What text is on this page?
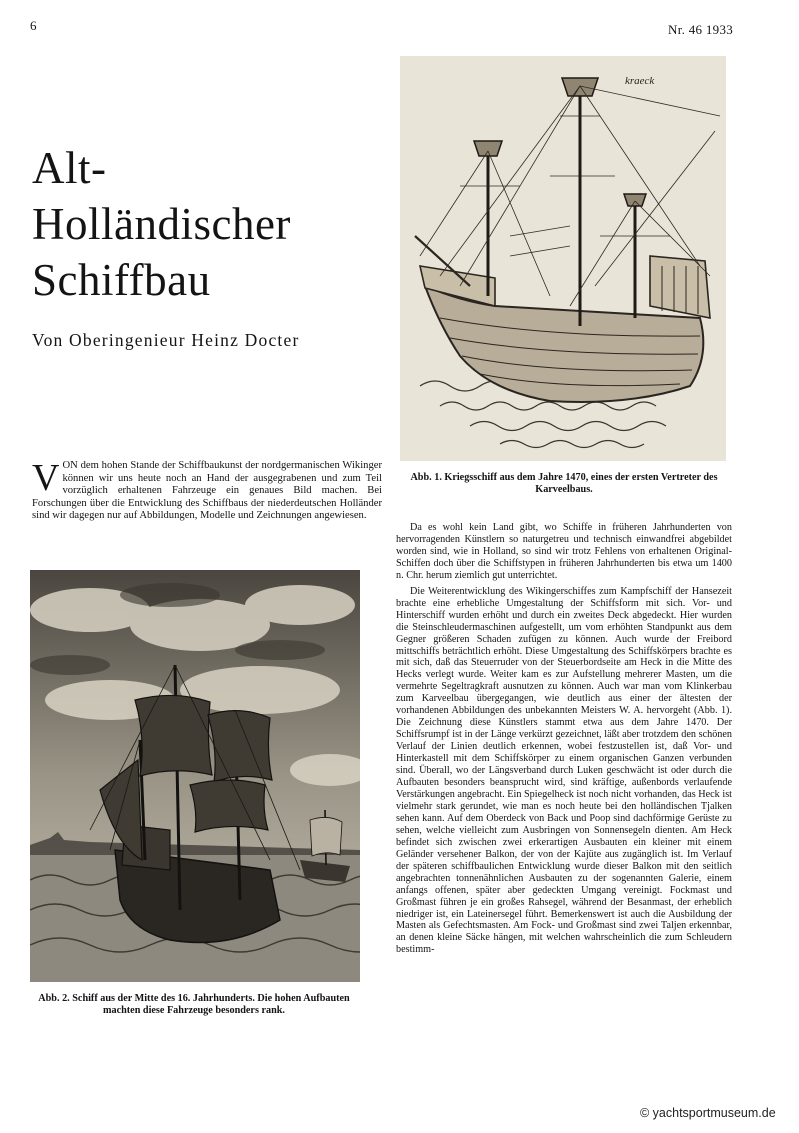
6	Nr. 46 1933
Alt-
Holländischer
Schiffbau
Von Oberingenieur Heinz Docter
VON dem hohen Stande der Schiffbaukunst der nordgermanischen Wikinger können wir uns heute noch an Hand der ausgegrabenen und zum Teil vorzüglich erhaltenen Fahrzeuge ein genaues Bild machen. Bei Forschungen über die Entwicklung des Schiffbaus der niederdeutschen Holländer sind wir dagegen nur auf Abbildungen, Modelle und Zeichnungen angewiesen.
kraeck
Abb. 1. Kriegsschiff aus dem Jahre 1470, eines der ersten Vertreter des Karveelbaus.

Da es wohl kein Land gibt, wo Schiffe in früheren Jahrhunderten von hervorragenden Künstlern so naturgetreu und technisch einwandfrei abgebildet worden sind, wie in Holland, so sind wir trotz Fehlens von erhaltenen Original-Schiffen doch über die Schiffstypen in früheren Jahrhunderten bis etwa um 1400 n. Chr. herum ziemlich gut unterrichtet.

Die Weiterentwicklung des Wikingerschiffes zum Kampfschiff der Hansezeit brachte eine erhebliche Umgestaltung der Schiffsform mit sich. Vor- und Hinterschiff wurden erhöht und durch ein zweites Deck abgedeckt. Hier wurden die Steinschleudermaschinen aufgestellt, um vom erhöhten Standpunkt aus dem Gegner größeren Schaden zufügen zu können. Auch wurde der Freibord mittschiffs beträchtlich erhöht. Diese Umgestaltung des Schiffskörpers brachte es mit sich, daß das Steuerruder von der Steuerbordseite am Heck in die Mitte des Hecks verlegt wurde. Weiter kam es zur Aufstellung mehrerer Masten, um die vermehrte Segeltragkraft ausnutzen zu können. Auch war man vom Klinkerbau zum Karveelbau übergegangen, wie deutlich aus einer der ältesten der vorhandenen Abbildungen des unbekannten Meisters W. A. hervorgeht (Abb. 1). Die Zeichnung diese Künstlers stammt etwa aus dem Jahre 1470. Der Schiffsrumpf ist in der Länge verkürzt gezeichnet, läßt aber trotzdem den schönen Verlauf der Linien deutlich erkennen, wobei festzustellen ist, daß Vor- und Hinterkastell mit dem Schiffskörper zu einem organischen Ganzen verbunden sind. Überall, wo der Längsverband durch Luken geschwächt ist oder durch die Aufbauten besonders beansprucht wird, sind kräftige, außenbords verlaufende Verstärkungen angebracht. Ein Spiegelheck ist noch nicht vorhanden, das Heck ist vielmehr stark gerundet, wie man es noch heute bei den holländischen Tjalken sehen kann. Auf dem Oberdeck von Back und Poop sind dachförmige Gerüste zu sehen, welche vielleicht zum Ausbringen von Sonnensegeln dienten. Am Heck befindet sich zwischen zwei erkerartigen Ausbauten ein kleiner mit einem Geländer versehener Balkon, der von der Kajüte aus zugänglich ist. Im Verlauf der späteren schiffbaulichen Entwicklung wurde dieser Balkon mit den seitlich angebrachten tonnenähnlichen Ausbauten zu der sogenannten Galerie, einem anfangs offenen, später aber gedeckten Umgang vereinigt. Fockmast und Großmast führen je ein großes Rahsegel, während der Besanmast, der erheblich niedriger ist, ein Lateinersegel führt. Bemerkenswert ist auch die Ausbildung der Masten als Gefechtsmasten. Am Fock- und Großmast sind zwei Taljen erkennbar, an denen kleine Säcke hängen, mit welchen wahrscheinlich die zum Schleudern bestimm-

Abb. 2. Schiff aus der Mitte des 16. Jahrhunderts. Die hohen Aufbauten machten diese Fahrzeuge besonders rank.
© yachtsportmuseum.de
